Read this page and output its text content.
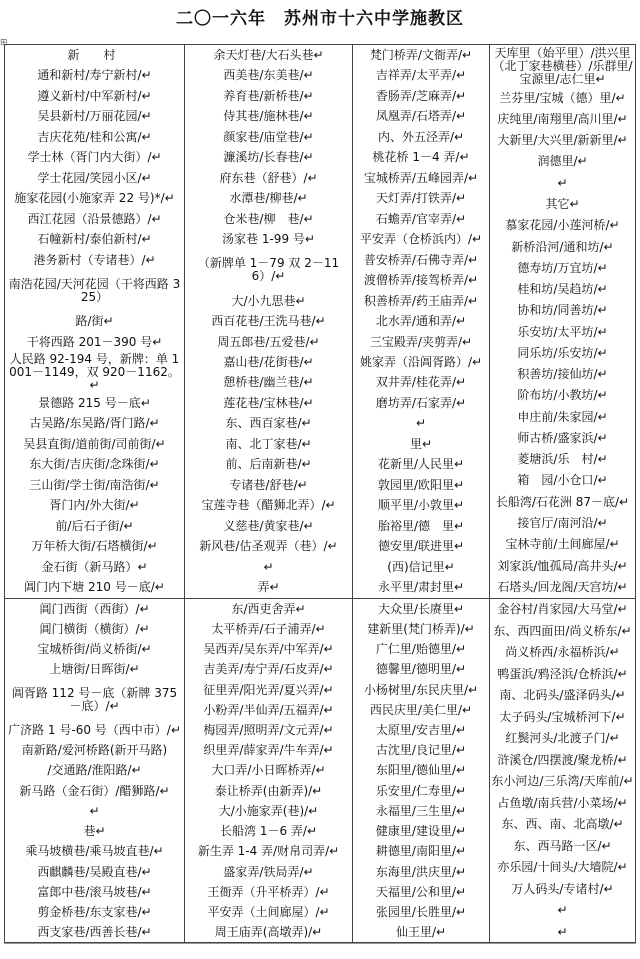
二〇一六年　苏州市十六中学施教区
⊞
新　村
通和新村/寿宁新村/↵
遵义新村/中军新村/↵
吴县新村/万丽花园/↵
吉庆花苑/桂和公寓/↵
学士林（胥门内大街）/↵
学士花园/笑园小区/↵
施家花园(小施家弄 22 号)*/↵
西江花园（沿景德路）/↵
石幢新村/泰伯新村/↵
港务新村（专诸巷）/↵
南浩花园/天河花园（干将西路 325）
路/街↵
干将西路 201－390 号↵
人民路 92-194 号，新牌：单 1001－1149，双 920－1162。↵
景德路 215 号－底↵
古吴路/东吴路/胥门路/↵
吴县直街/道前街/司前街/↵
东大街/吉庆街/念珠街/↵
三山街/学士街/南浩街/↵
胥门内/外大街/↵
前/后石子街/↵
万年桥大街/石塔横街/↵
金石街（新马路）↵
阊门内下塘 210 号－底/↵
余天灯巷/大石头巷↵
西美巷/东美巷/↵
养育巷/新桥巷/↵
侍其巷/施林巷/↵
颜家巷/庙堂巷/↵
濂溪坊/长春巷/↵
府东巷（舒巷）/↵
水潭巷/柳巷/↵
仓米巷/柳　巷/↵
汤家巷 1-99 号↵
（新牌单 1－79 双 2－116）/↵
大/小九思巷↵
西百花巷/王洗马巷/↵
周五郎巷/五爱巷/↵
嘉山巷/花街巷/↵
憩桥巷/幽兰巷/↵
莲花巷/宝林巷/↵
东、西百家巷/↵
南、北丁家巷/↵
前、后南新巷/↵
专诸巷/舒巷/↵
宝莲寺巷（醋狮北弄）/↵
义慈巷/黄家巷/↵
新风巷/估圣观弄（巷）/↵
↵
弄↵
梵门桥弄/文衙弄/↵
吉祥弄/太平弄/↵
香肠弄/芝麻弄/↵
凤凰弄/石塔弄/↵
内、外五泾弄/↵
桃花桥 1－4 弄/↵
宝城桥弄/五峰园弄/↵
天灯弄/打铁弄/↵
石蟾弄/官宰弄/↵
平安弄（仓桥浜内）/↵
普安桥弄/石佛寺弄/↵
渡僧桥弄/接驾桥弄/↵
积善桥弄/药王庙弄/↵
北水弄/通和弄/↵
三宝殿弄/夹剪弄/↵
姚家弄（沿阊胥路）/↵
双井弄/桂花弄/↵
磨坊弄/石家弄/↵
↵
里↵
花新里/人民里↵
敦园里/欧阳里↵
顺平里/小敦里↵
胎裕里/德　里↵
德安里/联进里↵
(西)信记里↵
永平里/肃封里↵
天库里（始平里）/洪兴里（北丁家巷横巷）/乐群里/宝源里/志仁里↵
兰芬里/宝城（德）里/↵
庆纯里/南翔里/高川里/↵
大新里/大兴里/新新里/↵
润德里/↵
↵
其它↵
慕家花园/小莲河桥/↵
新桥沿河/通和坊/↵
德寿坊/万宜坊/↵
桂和坊/吴趋坊/↵
协和坊/同善坊/↵
乐安坊/太平坊/↵
同乐坊/乐安坊/↵
积善坊/接仙坊/↵
阶布坊/小教坊/↵
申庄前/朱家园/↵
师古桥/盛家浜/↵
菱塘浜/乐　村/↵
箱　园/小仓口/↵
长船湾/石花洲 87－底/↵
接官厅/南河沿/↵
宝林寺前/土间廊屋/↵
刘家浜/恤孤局/高井头/↵
石塔头/回龙阁/天宫坊/↵
阊门西街（西街）/↵
阊门横街（横街）/↵
宝城桥街/尚义桥街/↵
上塘街/日晖街/↵
阊胥路 112 号－底（新牌 375－底）/↵
广济路 1 号-60 号（西中市）/↵
南新路/爱河桥路(新开马路)
/交通路/淮阳路/↵
新马路（金石街）/醋狮路/↵
↵
巷↵
乘马坡横巷/乘马坡直巷/↵
西麒麟巷/吴殿直巷/↵
富郎中巷/滚马坡巷/↵
剪金桥巷/东支家巷/↵
西支家巷/西善长巷/↵
东/西吏舍弄↵
太平桥弄/石子浦弄/↵
吴西弄/吴东弄/中军弄/↵
吉美弄/寿宁弄/石皮弄/↵
征里弄/阳光弄/夏兴弄/↵
小粉弄/半仙弄/五福弄/↵
梅园弄/照明弄/文元弄/↵
织里弄/薛家弄/牛车弄/↵
大口弄/小日晖桥弄/↵
泰让桥弄(由新弄)/↵
大/小施家弄(巷)/↵
长船湾 1－6 弄/↵
新生弄 1-4 弄/财帛司弄/↵
盛家弄/铁局弄/↵
王衙弄（升平桥弄）/↵
平安弄（土间廊屋）/↵
周王庙弄(高墩弄)/↵
大众里/长赓里↵
建新里(梵门桥弄)/↵
广仁里/贻德里/↵
德馨里/德明里/↵
小杨树里/东民庆里/↵
西民庆里/美仁里/↵
太原里/安吉里/↵
古沈里/良记里/↵
东阳里/德仙里/↵
乐安里/仁寿里/↵
永福里/三生里/↵
健康里/建设里/↵
耕德里/南阳里/↵
东海里/洪庆里/↵
天福里/公和里/↵
张园里/长胜里/↵
仙王里/↵
金谷村/肖家园/大马堂/↵
东、西四面田/尚义桥东/↵
尚义桥西/永福桥浜/↵
鸭蛋浜/鸦泾浜/仓桥浜/↵
南、北码头/盛泽码头/↵
太子码头/宝城桥河下/↵
红鬓河头/北渡子门/↵
浒溪仓/四摆渡/聚龙桥/↵
东小河边/三乐湾/天库前/↵
占鱼墩/南兵营/小菜场/↵
东、西、南、北高墩/↵
东、西马路一区/↵
亦乐园/十间头/大墙院/↵
万人码头/专诸村/↵
↵
↵
